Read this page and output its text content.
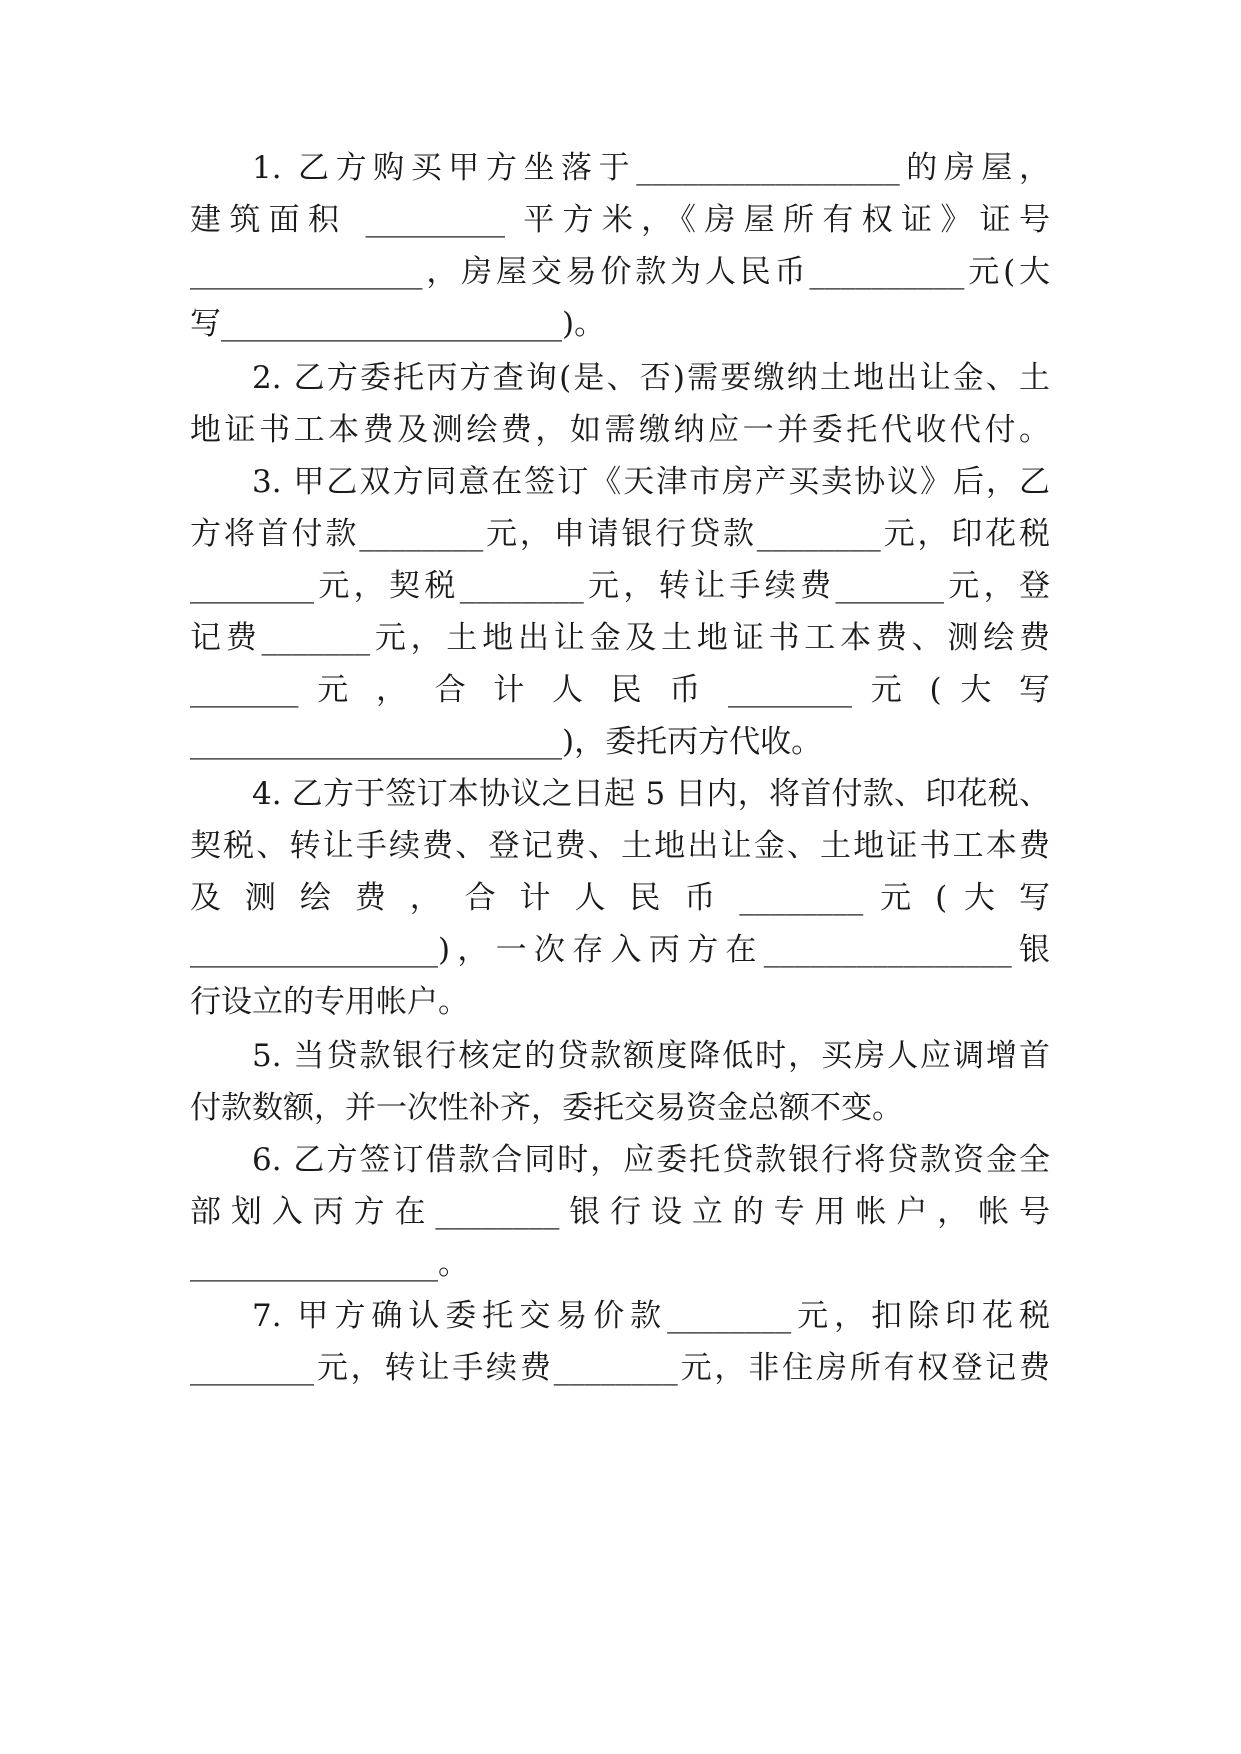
1. 乙方购买甲方坐落于_________________的房屋，
建筑面积 _________ 平方米，《房屋所有权证》证号
_______________，房屋交易价款为人民币__________元(大
写______________________)。
2. 乙方委托丙方查询(是、否)需要缴纳土地出让金、土
地证书工本费及测绘费，如需缴纳应一并委托代收代付。
3. 甲乙双方同意在签订《天津市房产买卖协议》后，乙
方将首付款________元，申请银行贷款________元，印花税
________元，契税________元，转让手续费_______元，登
记费_______元，土地出让金及土地证书工本费、测绘费
_______ 元 ， 合 计 人 民 币 ________ 元 ( 大 写
________________________)，委托丙方代收。
4. 乙方于签订本协议之日起 5 日内，将首付款、印花税、
契税、转让手续费、登记费、土地出让金、土地证书工本费
及 测 绘 费 ， 合 计 人 民 币 ________ 元 ( 大 写
________________)，一次存入丙方在________________银
行设立的专用帐户。
5. 当贷款银行核定的贷款额度降低时，买房人应调增首
付款数额，并一次性补齐，委托交易资金总额不变。
6. 乙方签订借款合同时，应委托贷款银行将贷款资金全
部划入丙方在________银行设立的专用帐户，帐号
________________。
7. 甲方确认委托交易价款________元，扣除印花税
________元，转让手续费________元，非住房所有权登记费
